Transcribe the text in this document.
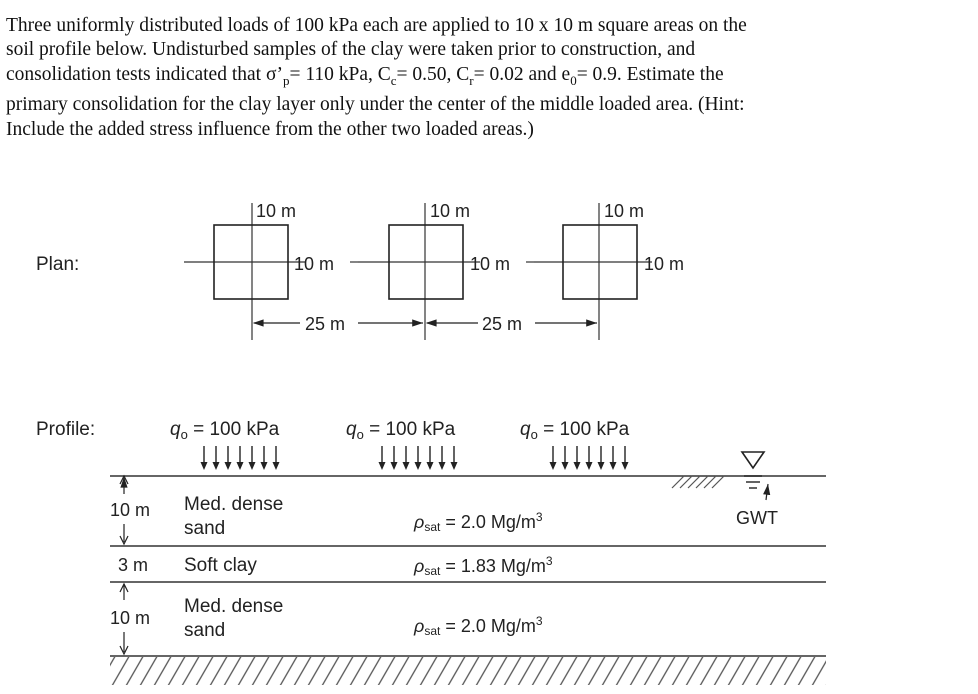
Three uniformly distributed loads of 100 kPa each are applied to 10 x 10 m square areas on the

soil profile below. Undisturbed samples of the clay were taken prior to construction, and

consolidation tests indicated that $\sigma’_p= 110$ kPa, $C_c= 0.50$, $C_r= 0.02$ and $e_0= 0.9$. Estimate the

primary consolidation for the clay layer only under the center of the middle loaded area. (Hint:

Include the added stress influence from the other two loaded areas.)

Plan:
10 m
10 m
10 m
10 m
10 m
10 m
25 m	25 m
Profile:	$q_o = 100$ kPa	$q_o = 100$ kPa	$q_o = 100$ kPa
GWT
10 m Med. dense
sand	ρsat = 2.0 $Mg/m^3$
3 m Soft clay	ρsat = 1.83 $Mg/m^3$
10 m
Med. dense
sand	ρsat = 2.0 $Mg/m^3$
